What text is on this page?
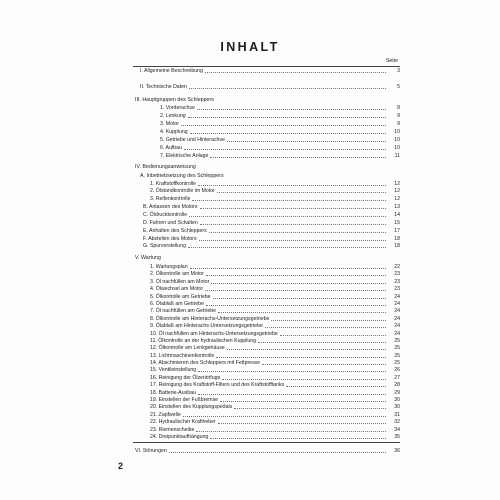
INHALT
Seite
I. Allgemeine Beschreibung	3
II. Technische Daten	5
III. Hauptgruppen des Schleppers
1. Vorderachse	8
2. Lenkung	9
3. Motor	9
4. Kupplung	10
5. Getriebe und Hinterachse	10
6. Aufbau	10
7. Elektrische Anlage	11
IV. Bedienungsanweisung
A. Inbetriebsetzung des Schleppers
1. Kraftstoffkontrolle	12
2. Ölstandkontrolle im Motor	12
3. Reifenkontrolle	12
B. Anlassen des Motors	13
C. Öldruckkontrolle	14
D. Fahren und Schalten	15
E. Anhalten des Schleppers	17
F. Abstellen des Motors	18
G. Spurverstellung	18
V. Wartung
1. Wartungsplan	22
2. Ölkontrolle am Motor	23
3. Öl nachfüllen am Motor	23
4. Ölwechsel am Motor	23
5. Ölkontrolle am Getriebe	24
6. Ölablaß am Getriebe	24
7. Öl nachfüllen am Getriebe	24
8. Ölkontrolle am Hinterachs-Untersetzungsgetriebe	24
9. Ölablaß am Hinterachs-Untersetzungsgetriebe	24
10. Öl nachfüllen am Hinterachs-Untersetzungsgetriebe	24
11. Ölkontrolle an der hydraulischen Kupplung	25
12. Ölkontrolle am Lenkgehäuse	25
13. Lichtmaschinenkontrolle	25
14. Abschmieren des Schleppers mit Fettpresse	25
15. Ventileinstellung	26
16. Reinigung der Ölzentrifuge	27
17. Reinigung des Kraftstoff-Filters und des Kraftstofftanks	28
18. Batterie-Ausbau	29
19. Einstellen der Fußbremse	30
20. Einstellen des Kupplungspedals	30
21. Zapfwelle	31
22. Hydraulischer Krafiheber	32
23. Riemenscheibe	34
24. Dreipunktaufhängung	35
VI. Störungen	36
2
